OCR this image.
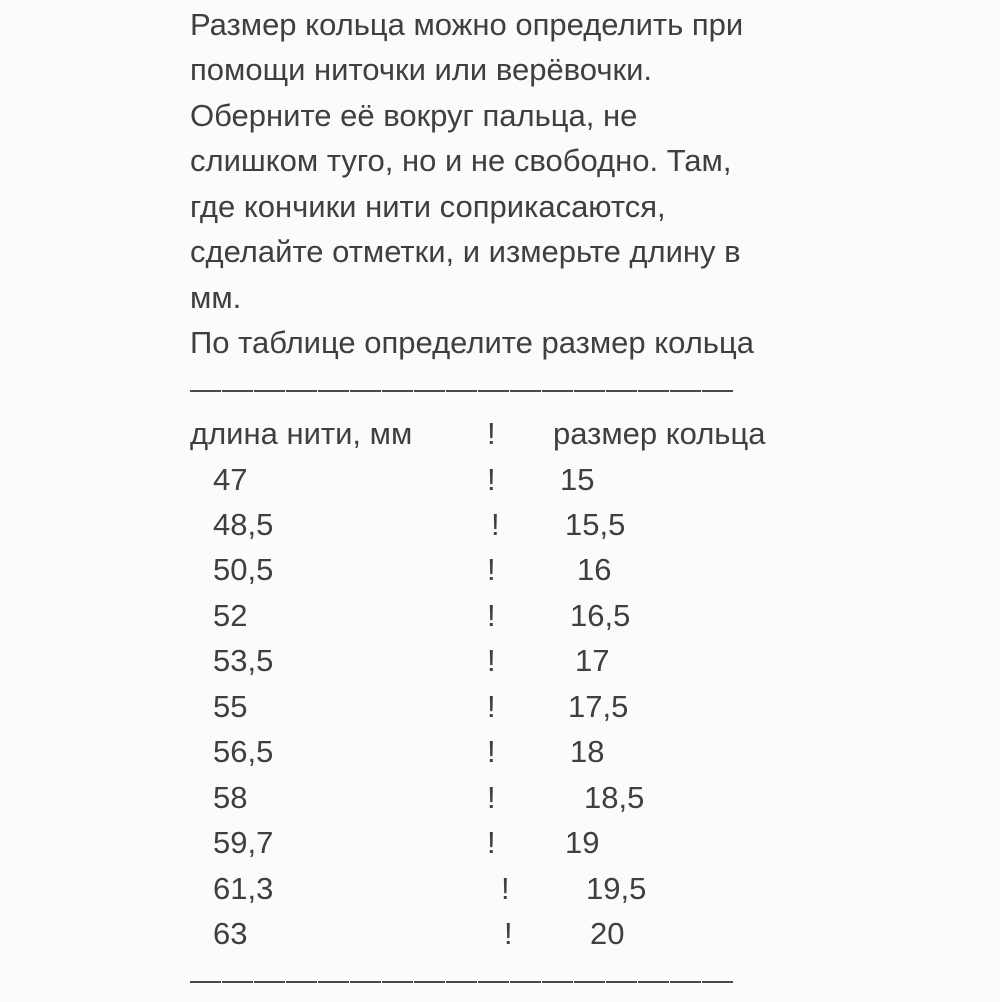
Размер кольца можно определить при
помощи ниточки или верёвочки.
Оберните её вокруг пальца, не
слишком туго, но и не свободно. Там,
где кончики нити соприкасаются,
сделайте отметки, и измерьте длину в
мм.
По таблице определите размер кольца
—————————————————
длина нити, мм	!	размер кольца
47	!	15
48,5	!	15,5
50,5	!	16
52	!	16,5
53,5	!	17
55	!	17,5
56,5	!	18
58	!	18,5
59,7	!	19
61,3	!	19,5
63	!	20
—————————————————
